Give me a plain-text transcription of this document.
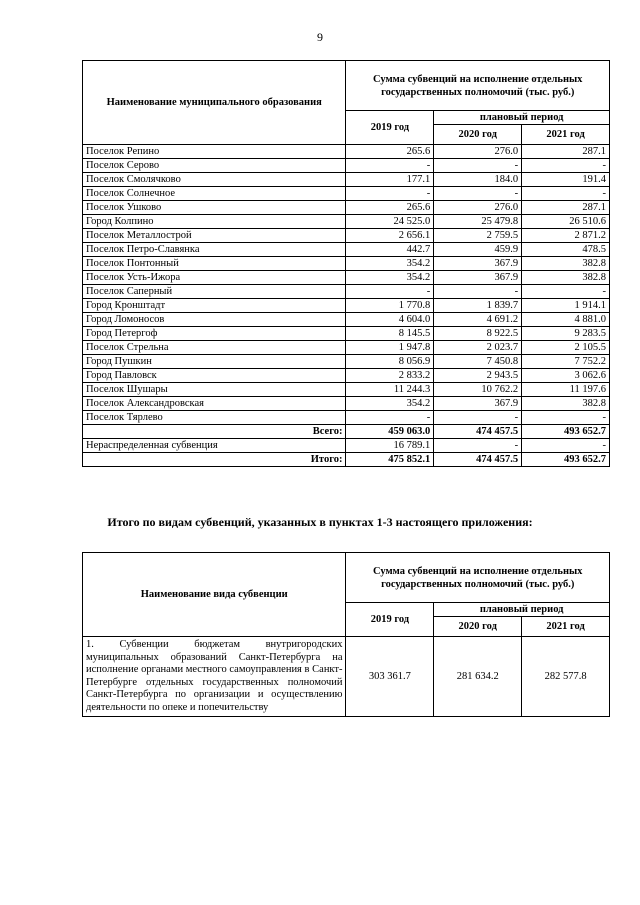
9
Наименование муниципального образования	Сумма субвенций на исполнение отдельных государственных полномочий (тыс. руб.)		
	2019 год	плановый период	
		2020 год	2021 год
Поселок Репино	265.6	276.0	287.1
Поселок Серово	-	-	-
Поселок Смолячково	177.1	184.0	191.4
Поселок Солнечное	-	-	-
Поселок Ушково	265.6	276.0	287.1
Город Колпино	24 525.0	25 479.8	26 510.6
Поселок Металлострой	2 656.1	2 759.5	2 871.2
Поселок Петро-Славянка	442.7	459.9	478.5
Поселок Понтонный	354.2	367.9	382.8
Поселок Усть-Ижора	354.2	367.9	382.8
Поселок Саперный	-	-	-
Город Кронштадт	1 770.8	1 839.7	1 914.1
Город Ломоносов	4 604.0	4 691.2	4 881.0
Город Петергоф	8 145.5	8 922.5	9 283.5
Поселок Стрельна	1 947.8	2 023.7	2 105.5
Город Пушкин	8 056.9	7 450.8	7 752.2
Город Павловск	2 833.2	2 943.5	3 062.6
Поселок Шушары	11 244.3	10 762.2	11 197.6
Поселок Александровская	354.2	367.9	382.8
Поселок Тярлево	-	-	-
Всего:	459 063.0	474 457.5	493 652.7
Нераспределенная субвенция	16 789.1	-	-
Итого:	475 852.1	474 457.5	493 652.7
Итого по видам субвенций, указанных в пунктах 1-3 настоящего приложения:
Наименование вида субвенции	Сумма субвенций на исполнение отдельных государственных полномочий (тыс. руб.)		
	2019 год	плановый период	
		2020 год	2021 год
1. Субвенции бюджетам внутригородских муниципальных образований Санкт-Петербурга на исполнение органами местного самоуправления в Санкт-Петербурге отдельных государственных полномочий Санкт-Петербурга по организации и осуществлению деятельности по опеке и попечительству	303 361.7	281 634.2	282 577.8
